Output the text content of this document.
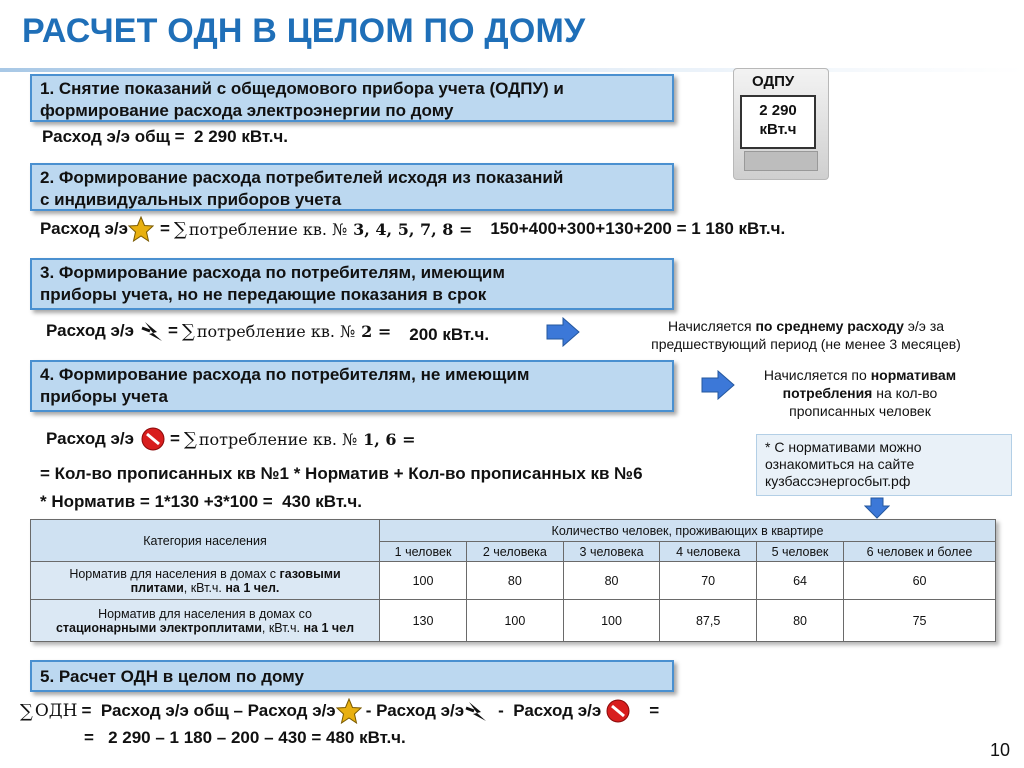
РАСЧЕТ ОДН В ЦЕЛОМ ПО ДОМУ
ОДПУ
2 290
кВт.ч
1. Снятие показаний с общедомового прибора учета (ОДПУ) и
формирование расхода электроэнергии по дому
Расход э/э общ =  2 290 кВт.ч.
2. Формирование расхода потребителей исходя из показаний
с индивидуальных приборов учета
Расход э/э = ∑ потребление кв. № 3, 4, 5, 7, 8 = 150+400+300+130+200 = 1 180 кВт.ч.
3. Формирование расхода по потребителям, имеющим
приборы учета, но не передающие показания в срок
Расход э/э = ∑ потребление кв. № 2 = 200 кВт.ч.	Начисляется по среднему расходу э/э за
предшествующий период (не менее 3 месяцев)
4. Формирование расхода по потребителям, не имеющим
приборы учета
Начисляется по нормативам
потребления на кол-во
прописанных человек
* С нормативами можно
ознакомиться на сайте
кузбассэнергосбыт.рф
Расход э/э = ∑ потребление кв. № 1, 6 =
= Кол-во прописанных кв №1 * Норматив + Кол-во прописанных кв №6
* Норматив = 1*130 +3*100 =  430 кВт.ч.
Категория населения	Количество человек, проживающих в квартире					
	1 человек	2 человека	3 человека	4 человека	5 человек	6 человек и более

Норматив для населения в домах с газовыми
плитами, кВт.ч. на 1 чел.	100	80	80	70	64	60

Норматив для населения в домах со
стационарными электроплитами, кВт.ч. на 1 чел	130	100	100	87,5	80	75
5. Расчет ОДН в целом по дому
∑ ОДН =  Расход э/э общ – Расход э/э - Расход э/э -  Расход э/э	=
=   2 290 – 1 180 – 200 – 430 = 480 кВт.ч.
10
